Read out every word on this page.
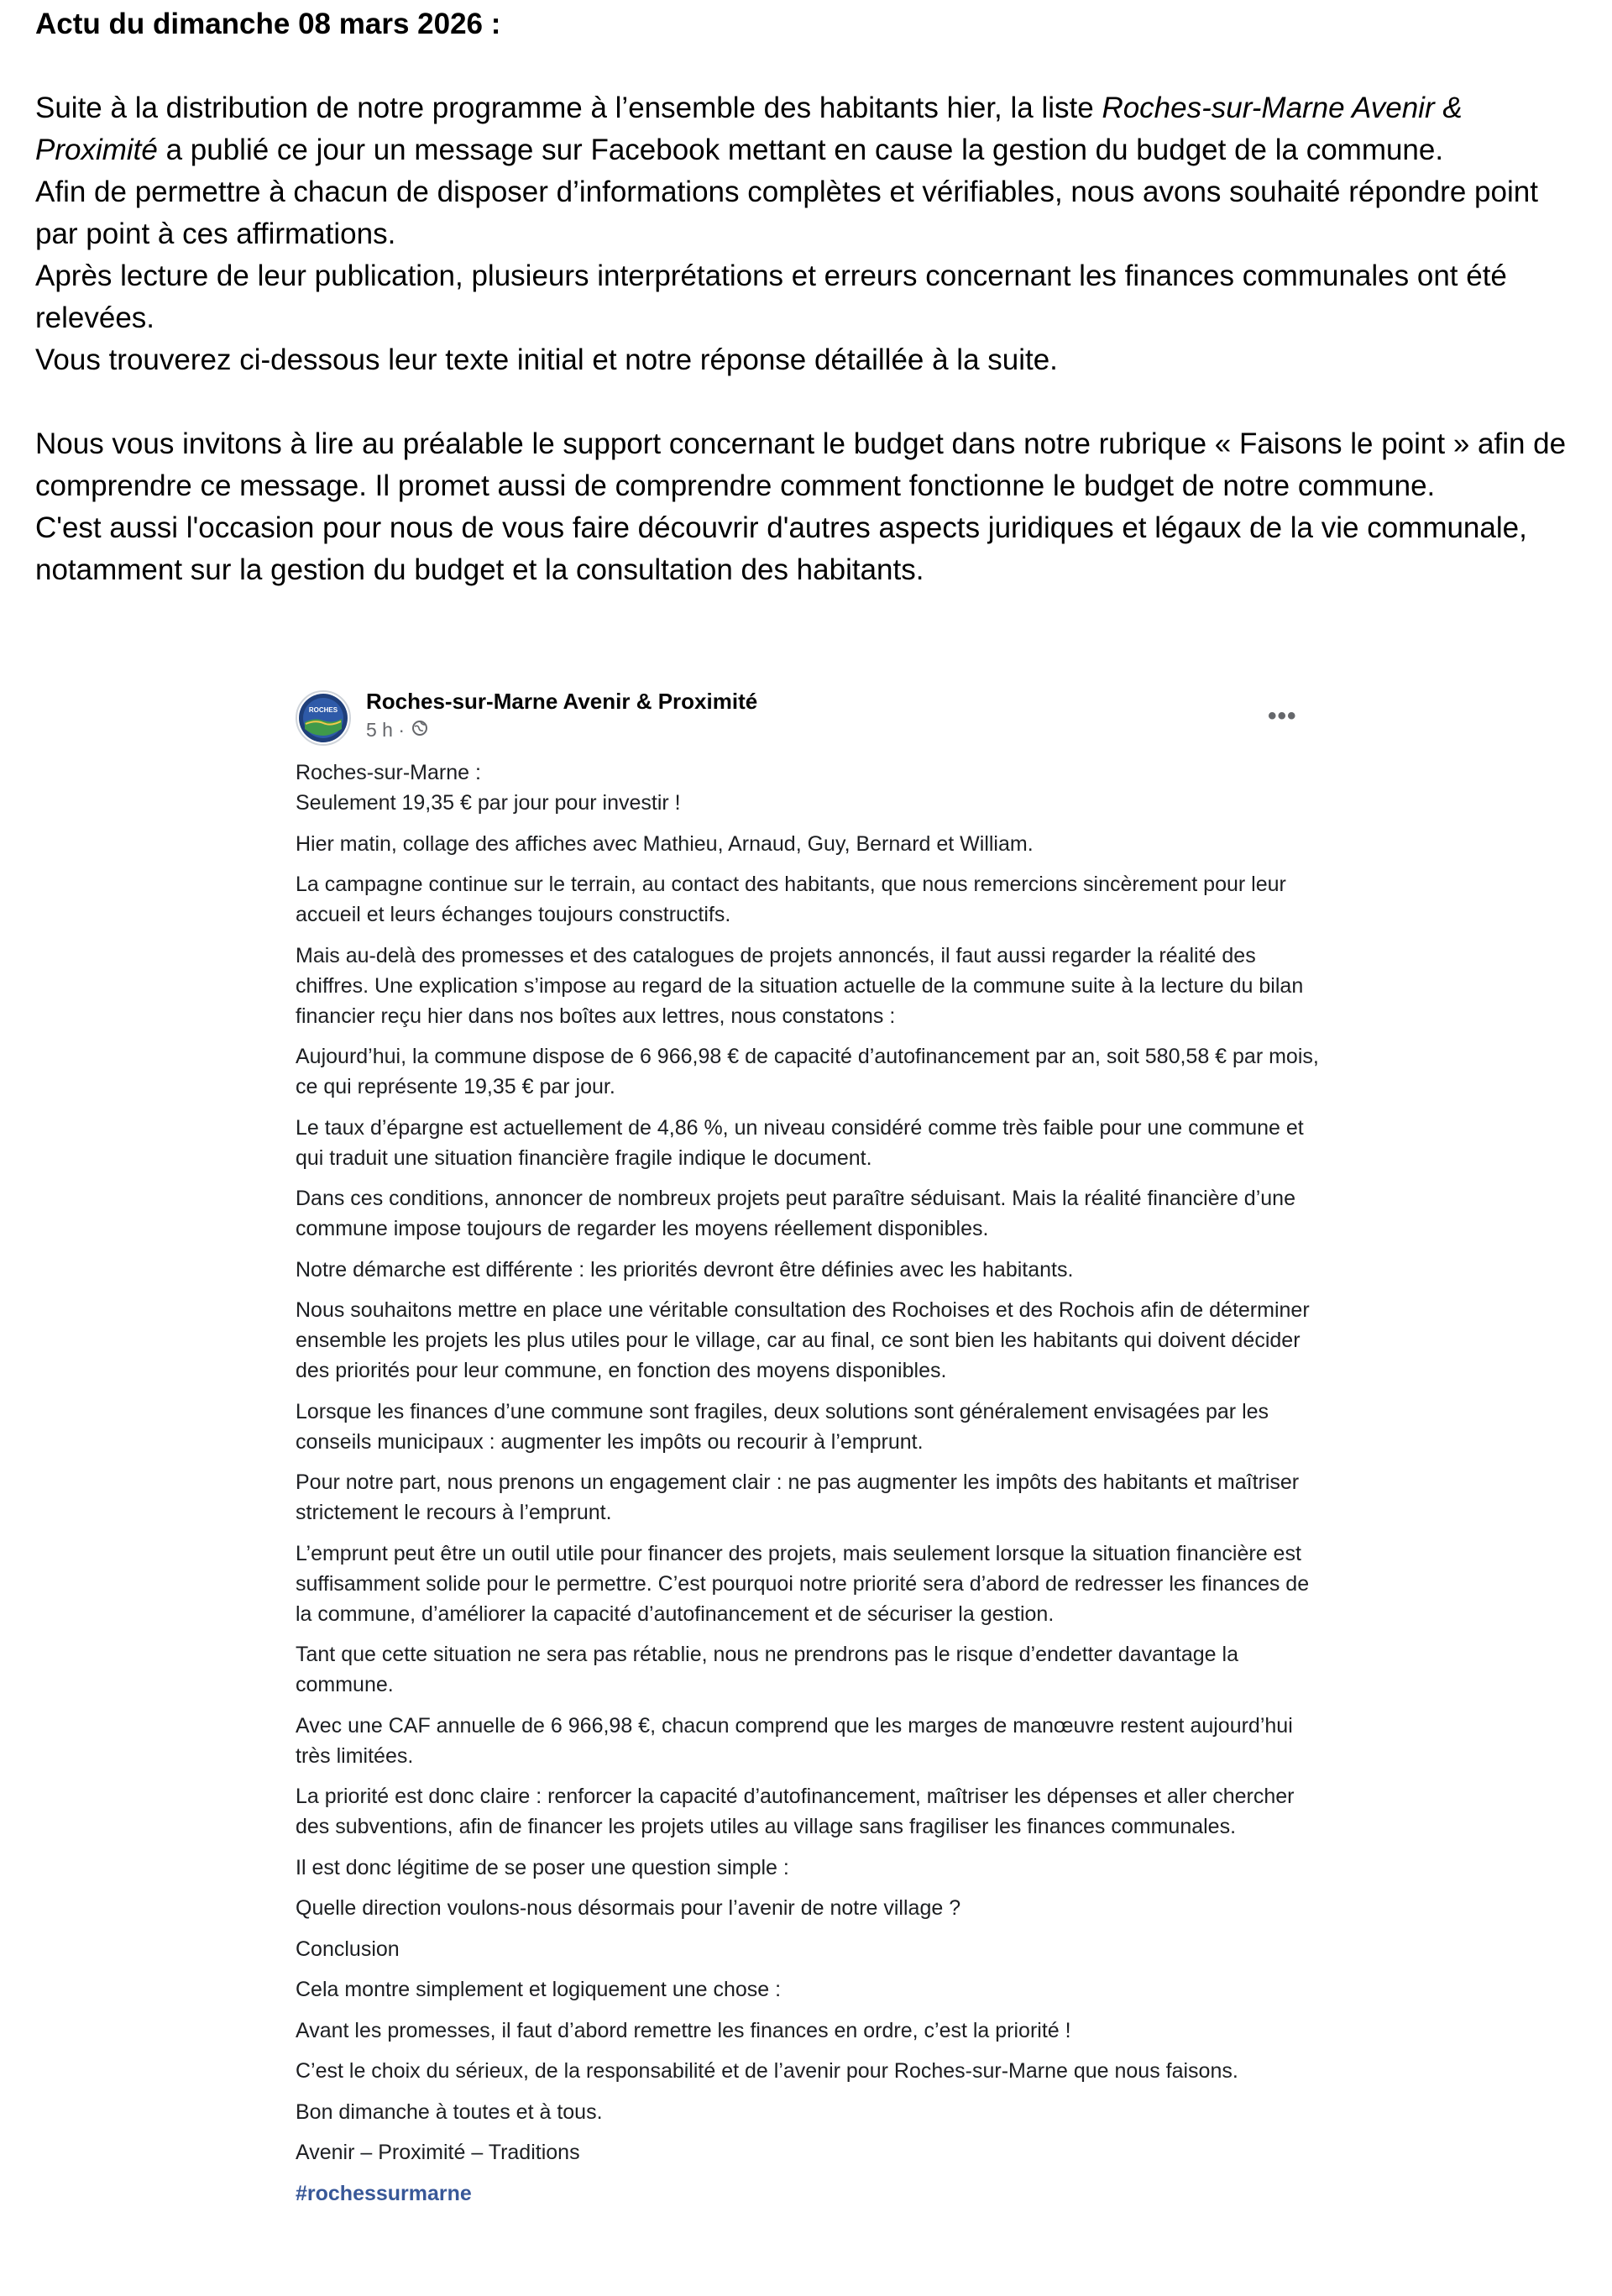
Actu du dimanche 08 mars 2026 :

Suite à la distribution de notre programme à l’ensemble des habitants hier, la liste Roches-sur-Marne Avenir & Proximité a publié ce jour un message sur Facebook mettant en cause la gestion du budget de la commune.

Afin de permettre à chacun de disposer d’informations complètes et vérifiables, nous avons souhaité répondre point par point à ces affirmations.

Après lecture de leur publication, plusieurs interprétations et erreurs concernant les finances communales ont été relevées.

Vous trouverez ci-dessous leur texte initial et notre réponse détaillée à la suite.

Nous vous invitons à lire au préalable le support concernant le budget dans notre rubrique « Faisons le point » afin de comprendre ce message. Il promet aussi de comprendre comment fonctionne le budget de notre commune.

C'est aussi l'occasion pour nous de vous faire découvrir d'autres aspects juridiques et légaux de la vie communale, notamment sur la gestion du budget et la consultation des habitants.

ROCHES Roches-sur-Marne Avenir & Proximité
5 h ·	•••

Roches-sur-Marne :

Seulement 19,35 € par jour pour investir !

Hier matin, collage des affiches avec Mathieu, Arnaud, Guy, Bernard et William.

La campagne continue sur le terrain, au contact des habitants, que nous remercions sincèrement pour leur accueil et leurs échanges toujours constructifs.

Mais au-delà des promesses et des catalogues de projets annoncés, il faut aussi regarder la réalité des chiffres. Une explication s’impose au regard de la situation actuelle de la commune suite à la lecture du bilan financier reçu hier dans nos boîtes aux lettres, nous constatons :

Aujourd’hui, la commune dispose de 6 966,98 € de capacité d’autofinancement par an, soit 580,58 € par mois, ce qui représente 19,35 € par jour.

Le taux d’épargne est actuellement de 4,86 %, un niveau considéré comme très faible pour une commune et qui traduit une situation financière fragile indique le document.

Dans ces conditions, annoncer de nombreux projets peut paraître séduisant. Mais la réalité financière d’une commune impose toujours de regarder les moyens réellement disponibles.

Notre démarche est différente : les priorités devront être définies avec les habitants.

Nous souhaitons mettre en place une véritable consultation des Rochoises et des Rochois afin de déterminer ensemble les projets les plus utiles pour le village, car au final, ce sont bien les habitants qui doivent décider des priorités pour leur commune, en fonction des moyens disponibles.

Lorsque les finances d’une commune sont fragiles, deux solutions sont généralement envisagées par les conseils municipaux : augmenter les impôts ou recourir à l’emprunt.

Pour notre part, nous prenons un engagement clair : ne pas augmenter les impôts des habitants et maîtriser strictement le recours à l’emprunt.

L’emprunt peut être un outil utile pour financer des projets, mais seulement lorsque la situation financière est suffisamment solide pour le permettre. C’est pourquoi notre priorité sera d’abord de redresser les finances de la commune, d’améliorer la capacité d’autofinancement et de sécuriser la gestion.

Tant que cette situation ne sera pas rétablie, nous ne prendrons pas le risque d’endetter davantage la commune.

Avec une CAF annuelle de 6 966,98 €, chacun comprend que les marges de manœuvre restent aujourd’hui très limitées.

La priorité est donc claire : renforcer la capacité d’autofinancement, maîtriser les dépenses et aller chercher des subventions, afin de financer les projets utiles au village sans fragiliser les finances communales.

Il est donc légitime de se poser une question simple :

Quelle direction voulons-nous désormais pour l’avenir de notre village ?

Conclusion

Cela montre simplement et logiquement une chose :

Avant les promesses, il faut d’abord remettre les finances en ordre, c’est la priorité !

C’est le choix du sérieux, de la responsabilité et de l’avenir pour Roches-sur-Marne que nous faisons.

Bon dimanche à toutes et à tous.

Avenir – Proximité – Traditions

#rochessurmarne
